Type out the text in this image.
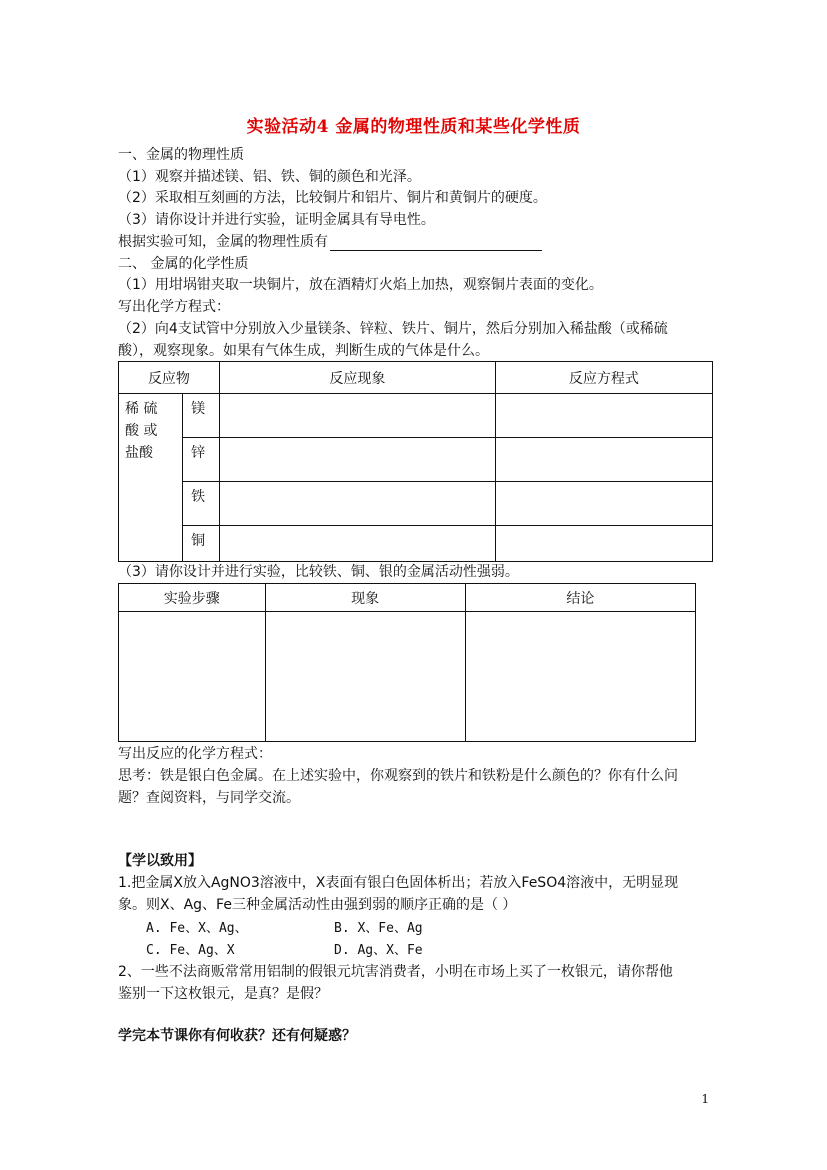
实验活动4 金属的物理性质和某些化学性质
一、金属的物理性质
（1）观察并描述镁、铝、铁、铜的颜色和光泽。
（2）采取相互刻画的方法，比较铜片和铝片、铜片和黄铜片的硬度。
（3）请你设计并进行实验，证明金属具有导电性。
根据实验可知，金属的物理性质有
二、 金属的化学性质
（1）用坩埚钳夹取一块铜片，放在酒精灯火焰上加热，观察铜片表面的变化。
写出化学方程式：
（2）向4支试管中分别放入少量镁条、锌粒、铁片、铜片，然后分别加入稀盐酸（或稀硫
酸），观察现象。如果有气体生成，判断生成的气体是什么。
反应物		反应现象	反应方程式

稀 硫
酸 或
盐酸	镁		
	锌		
	铁		
	铜		
（3）请你设计并进行实验，比较铁、铜、银的金属活动性强弱。
实验步骤	现象	结论

写出反应的化学方程式：
思考：铁是银白色金属。在上述实验中，你观察到的铁片和铁粉是什么颜色的？你有什么问
题？查阅资料，与同学交流。
【学以致用】
1.把金属X放入AgNO3溶液中，X表面有银白色固体析出；若放入FeSO4溶液中，无明显现
象。则X、Ag、Fe三种金属活动性由强到弱的顺序正确的是（ ）
A. Fe、X、Ag、	B. X、Fe、Ag
C. Fe、Ag、X	D. Ag、X、Fe
2、一些不法商贩常常用铝制的假银元坑害消费者，小明在市场上买了一枚银元，请你帮他
鉴别一下这枚银元，是真？是假？
学完本节课你有何收获？还有何疑惑？
1
